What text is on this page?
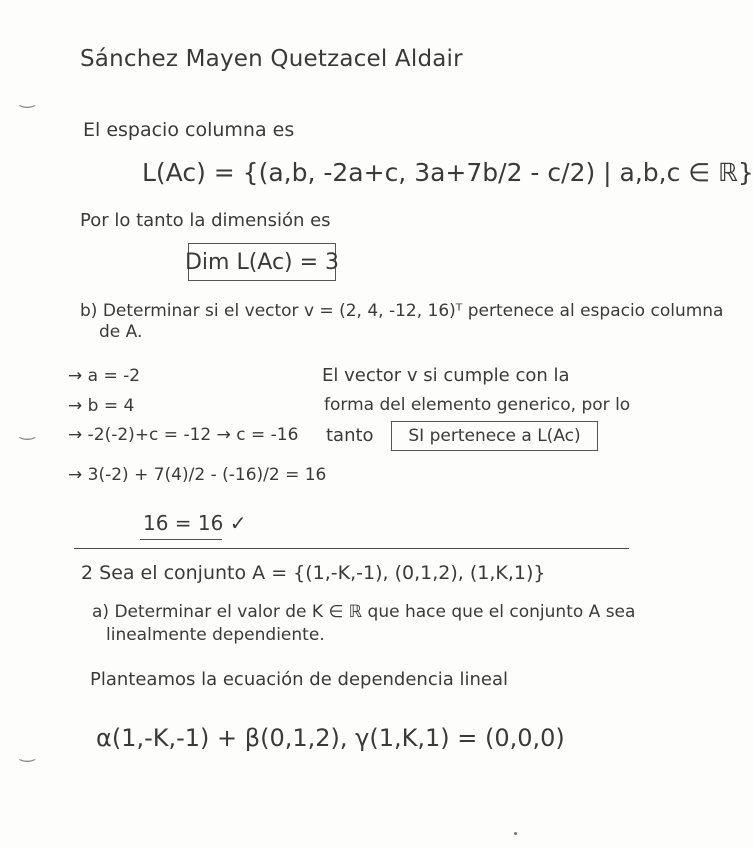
Sánchez Mayen Quetzacel Aldair
‿
El espacio columna es
L(Ac) = {(a,b, -2a+c, 3a+7b/2 - c/2) | a,b,c ∈ ℝ}
Por lo tanto la dimensión es
Dim L(Ac) = 3
b) Determinar si el vector v = (2, 4, -12, 16)ᵀ pertenece al espacio columna
de A.
→ a = -2
→ b = 4
→ -2(-2)+c = -12 → c = -16
→ 3(-2) + 7(4)/2 - (-16)/2 = 16
16 = 16 ✓
‿
El vector v si cumple con la
forma del elemento generico, por lo
tanto	SI pertenece a L(Ac)
2 Sea el conjunto A = {(1,-K,-1), (0,1,2), (1,K,1)}
a) Determinar el valor de K ∈ ℝ que hace que el conjunto A sea
linealmente dependiente.
Planteamos la ecuación de dependencia lineal
α(1,-K,-1) + β(0,1,2), γ(1,K,1) = (0,0,0)
‿
